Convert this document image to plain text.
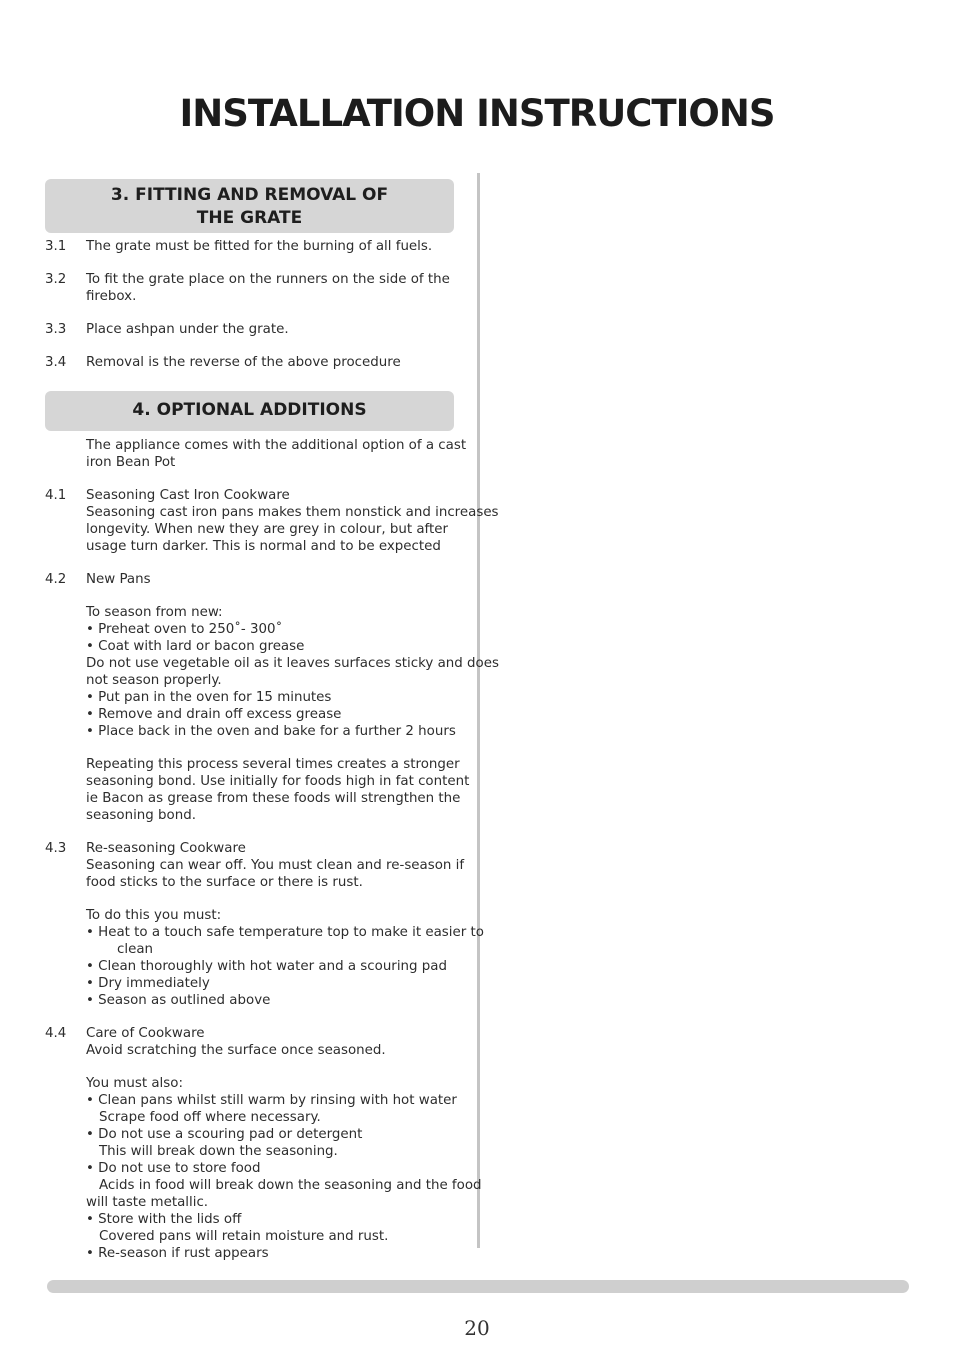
INSTALLATION INSTRUCTIONS
3. FITTING AND REMOVAL OF
THE GRATE
3.1	The grate must be fitted for the burning of all fuels.
3.2	To fit the grate place on the runners on the side of the
firebox.
3.3	Place ashpan under the grate.
3.4	Removal is the reverse of the above procedure
4. OPTIONAL ADDITIONS
The appliance comes with the additional option of a cast
iron Bean Pot
4.1	Seasoning Cast Iron Cookware
Seasoning cast iron pans makes them nonstick and increases
longevity. When new they are grey in colour, but after
usage turn darker. This is normal and to be expected
4.2	New Pans
To season from new:
• Preheat oven to 250˚- 300˚
• Coat with lard or bacon grease
Do not use vegetable oil as it leaves surfaces sticky and does
not season properly.
• Put pan in the oven for 15 minutes
• Remove and drain off excess grease
• Place back in the oven and bake for a further 2 hours
Repeating this process several times creates a stronger
seasoning bond. Use initially for foods high in fat content
ie Bacon as grease from these foods will strengthen the
seasoning bond.
4.3	Re-seasoning Cookware
Seasoning can wear off. You must clean and re-season if
food sticks to the surface or there is rust.
To do this you must:
• Heat to a touch safe temperature top to make it easier to
clean
• Clean thoroughly with hot water and a scouring pad
• Dry immediately
• Season as outlined above
4.4	Care of Cookware
Avoid scratching the surface once seasoned.
You must also:
• Clean pans whilst still warm by rinsing with hot water
Scrape food off where necessary.
• Do not use a scouring pad or detergent
This will break down the seasoning.
• Do not use to store food
Acids in food will break down the seasoning and the food
will taste metallic.
• Store with the lids off
Covered pans will retain moisture and rust.
• Re-season if rust appears
20
